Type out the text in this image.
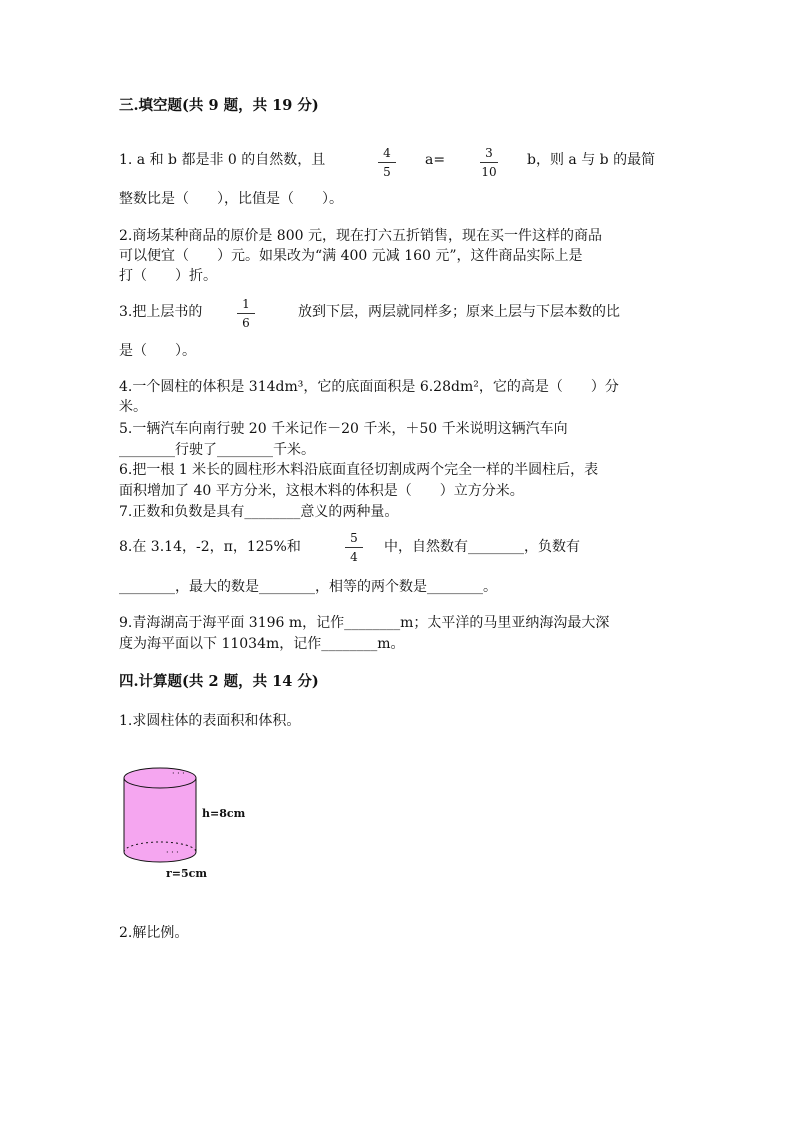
三.填空题(共 9 题，共 19 分)
1. a 和 b 都是非 0 的自然数，且	4
5
a=	3
10
b，则 a 与 b 的最简
整数比是（　　），比值是（　　）。
2.商场某种商品的原价是 800 元，现在打六五折销售，现在买一件这样的商品
可以便宜（　　）元。如果改为“满 400 元减 160 元”，这件商品实际上是
打（　　）折。
3.把上层书的	1
6
放到下层，两层就同样多；原来上层与下层本数的比
是（　　）。
4.一个圆柱的体积是 314dm³，它的底面面积是 6.28dm²，它的高是（　　）分
米。
5.一辆汽车向南行驶 20 千米记作－20 千米，＋50 千米说明这辆汽车向
________行驶了________千米。
6.把一根 1 米长的圆柱形木料沿底面直径切割成两个完全一样的半圆柱后，表
面积增加了 40 平方分米，这根木料的体积是（　　）立方分米。
7.正数和负数是具有________意义的两种量。
8.在 3.14，-2，π，125%和
5
4
中，自然数有________，负数有
________，最大的数是________，相等的两个数是________。
9.青海湖高于海平面 3196 m，记作________m；太平洋的马里亚纳海沟最大深
度为海平面以下 11034m，记作________m。
四.计算题(共 2 题，共 14 分)
1.求圆柱体的表面积和体积。
· · ·
· · ·
h=8cm
r=5cm
2.解比例。
